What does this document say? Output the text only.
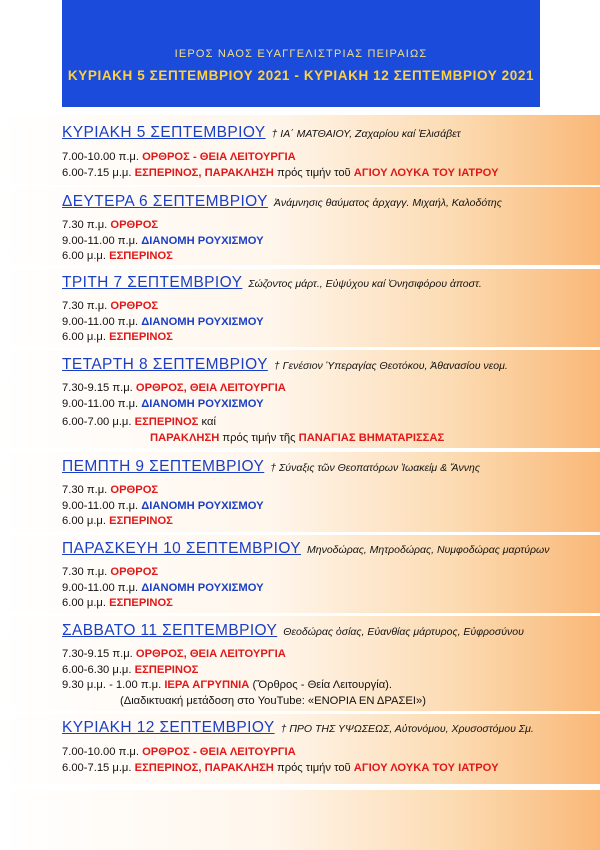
ΙΕΡΟΣ ΝΑΟΣ ΕΥΑΓΓΕΛΙΣΤΡΙΑΣ ΠΕΙΡΑΙΩΣ
ΚΥΡΙΑΚΗ 5 ΣΕΠΤΕΜΒΡΙΟΥ 2021 - ΚΥΡΙΑΚΗ 12 ΣΕΠΤΕΜΒΡΙΟΥ 2021
ΚΥΡΙΑΚΗ 5 ΣΕΠΤΕΜΒΡΙΟΥ † ΙΑ΄ ΜΑΤΘΑΙΟΥ, Ζαχαρίου καί Ἐλισάβετ
7.00-10.00 π.μ. ΟΡΘΡΟΣ - ΘΕΙΑ ΛΕΙΤΟΥΡΓΙΑ
6.00-7.15 μ.μ. ΕΣΠΕΡΙΝΟΣ, ΠΑΡΑΚΛΗΣΗ πρός τιμήν τοῦ ΑΓΙΟΥ ΛΟΥΚΑ ΤΟΥ ΙΑΤΡΟΥ
ΔΕΥΤΕΡΑ 6 ΣΕΠΤΕΜΒΡΙΟΥ Ἀνάμνησις θαύματος ἀρχαγγ. Μιχαήλ, Καλοδότης
7.30 π.μ. ΟΡΘΡΟΣ
9.00-11.00 π.μ. ΔΙΑΝΟΜΗ ΡΟΥΧΙΣΜΟΥ
6.00 μ.μ. ΕΣΠΕΡΙΝΟΣ
ΤΡΙΤΗ 7 ΣΕΠΤΕΜΒΡΙΟΥ Σώζοντος μάρτ., Εὐψύχου καί Ὀνησιφόρου ἀποστ.
7.30 π.μ. ΟΡΘΡΟΣ
9.00-11.00 π.μ. ΔΙΑΝΟΜΗ ΡΟΥΧΙΣΜΟΥ
6.00 μ.μ. ΕΣΠΕΡΙΝΟΣ
ΤΕΤΑΡΤΗ 8 ΣΕΠΤΕΜΒΡΙΟΥ † Γενέσιον Ὑπεραγίας Θεοτόκου, Ἀθανασίου νεομ.
7.30-9.15 π.μ. ΟΡΘΡΟΣ, ΘΕΙΑ ΛΕΙΤΟΥΡΓΙΑ
9.00-11.00 π.μ. ΔΙΑΝΟΜΗ ΡΟΥΧΙΣΜΟΥ
6.00-7.00 μ.μ. ΕΣΠΕΡΙΝΟΣ καί
ΠΑΡΑΚΛΗΣΗ πρός τιμήν τῆς ΠΑΝΑΓΙΑΣ ΒΗΜΑΤΑΡΙΣΣΑΣ
ΠΕΜΠΤΗ 9 ΣΕΠΤΕΜΒΡΙΟΥ † Σύναξις τῶν Θεοπατόρων Ἰωακείμ & Ἄννης
7.30 π.μ. ΟΡΘΡΟΣ
9.00-11.00 π.μ. ΔΙΑΝΟΜΗ ΡΟΥΧΙΣΜΟΥ
6.00 μ.μ. ΕΣΠΕΡΙΝΟΣ
ΠΑΡΑΣΚΕΥΗ 10 ΣΕΠΤΕΜΒΡΙΟΥ Μηνοδώρας, Μητροδώρας, Νυμφοδώρας μαρτύρων
7.30 π.μ. ΟΡΘΡΟΣ
9.00-11.00 π.μ. ΔΙΑΝΟΜΗ ΡΟΥΧΙΣΜΟΥ
6.00 μ.μ. ΕΣΠΕΡΙΝΟΣ
ΣΑΒΒΑΤΟ 11 ΣΕΠΤΕΜΒΡΙΟΥ Θεοδώρας ὁσίας, Εὐανθίας μάρτυρος, Εὐφροσύνου
7.30-9.15 π.μ. ΟΡΘΡΟΣ, ΘΕΙΑ ΛΕΙΤΟΥΡΓΙΑ
6.00-6.30 μ.μ. ΕΣΠΕΡΙΝΟΣ
9.30 μ.μ. - 1.00 π.μ. ΙΕΡΑ ΑΓΡΥΠΝΙΑ (Ὄρθρος - Θεία Λειτουργία).
(Διαδικτυακή μετάδοση στο YouTube: «ΕΝΟΡΙΑ ΕΝ ΔΡΑΣΕΙ»)
ΚΥΡΙΑΚΗ 12 ΣΕΠΤΕΜΒΡΙΟΥ † ΠΡΟ ΤΗΣ ΥΨΩΣΕΩΣ, Αὐτονόμου, Χρυσοστόμου Σμ.
7.00-10.00 π.μ. ΟΡΘΡΟΣ - ΘΕΙΑ ΛΕΙΤΟΥΡΓΙΑ
6.00-7.15 μ.μ. ΕΣΠΕΡΙΝΟΣ, ΠΑΡΑΚΛΗΣΗ πρός τιμήν τοῦ ΑΓΙΟΥ ΛΟΥΚΑ ΤΟΥ ΙΑΤΡΟΥ
